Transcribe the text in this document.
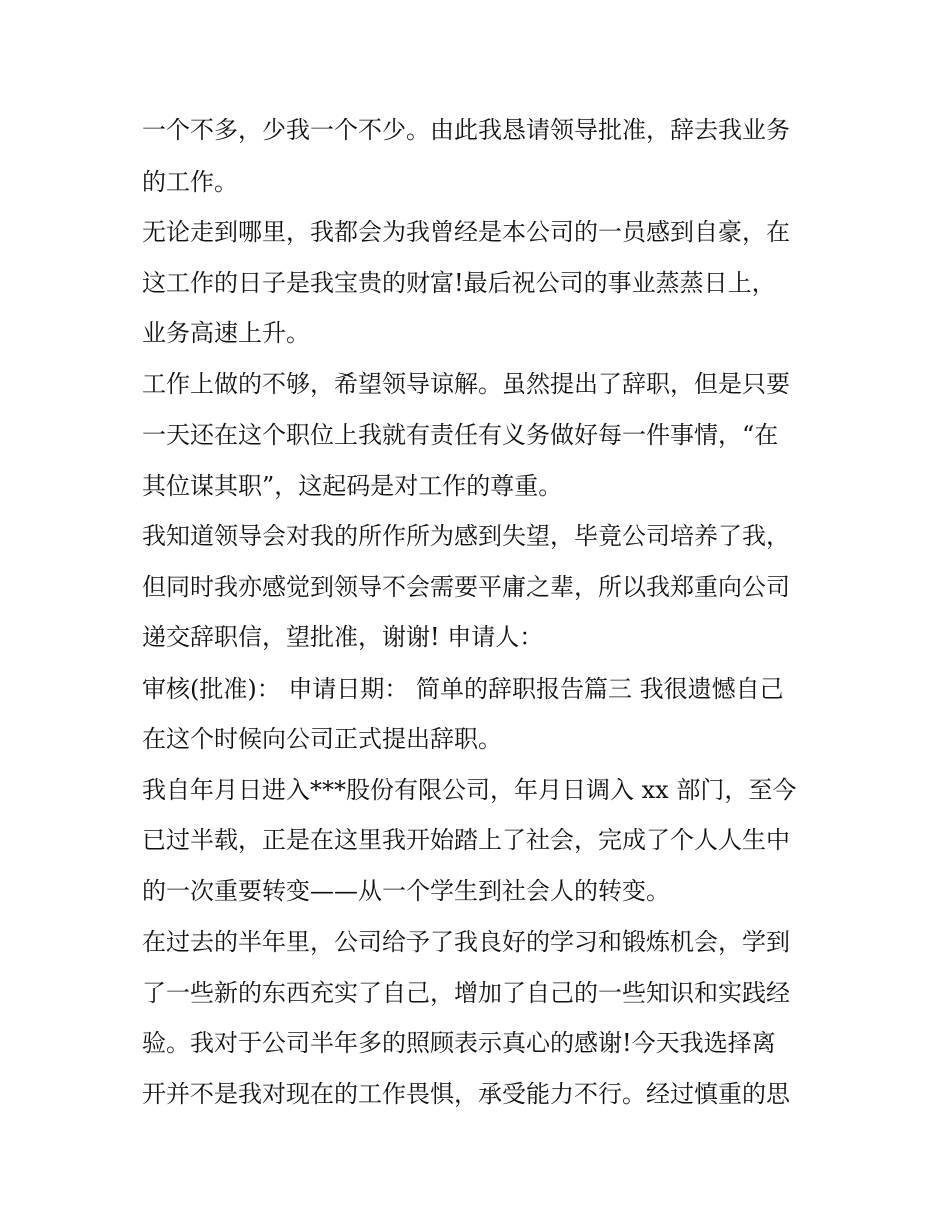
一个不多，少我一个不少。由此我恳请领导批准，辞去我业务
的工作。
无论走到哪里，我都会为我曾经是本公司的一员感到自豪，在
这工作的日子是我宝贵的财富!最后祝公司的事业蒸蒸日上，
业务高速上升。
工作上做的不够，希望领导谅解。虽然提出了辞职，但是只要
一天还在这个职位上我就有责任有义务做好每一件事情，“在
其位谋其职”，这起码是对工作的尊重。
我知道领导会对我的所作所为感到失望，毕竟公司培养了我，
但同时我亦感觉到领导不会需要平庸之辈，所以我郑重向公司
递交辞职信，望批准，谢谢! 申请人：
审核(批准)： 申请日期： 简单的辞职报告篇三 我很遗憾自己
在这个时候向公司正式提出辞职。
我自年月日进入***股份有限公司，年月日调入 xx 部门，至今
已过半载，正是在这里我开始踏上了社会，完成了个人人生中
的一次重要转变——从一个学生到社会人的转变。
在过去的半年里，公司给予了我良好的学习和锻炼机会，学到
了一些新的东西充实了自己，增加了自己的一些知识和实践经
验。我对于公司半年多的照顾表示真心的感谢!今天我选择离
开并不是我对现在的工作畏惧，承受能力不行。经过慎重的思
